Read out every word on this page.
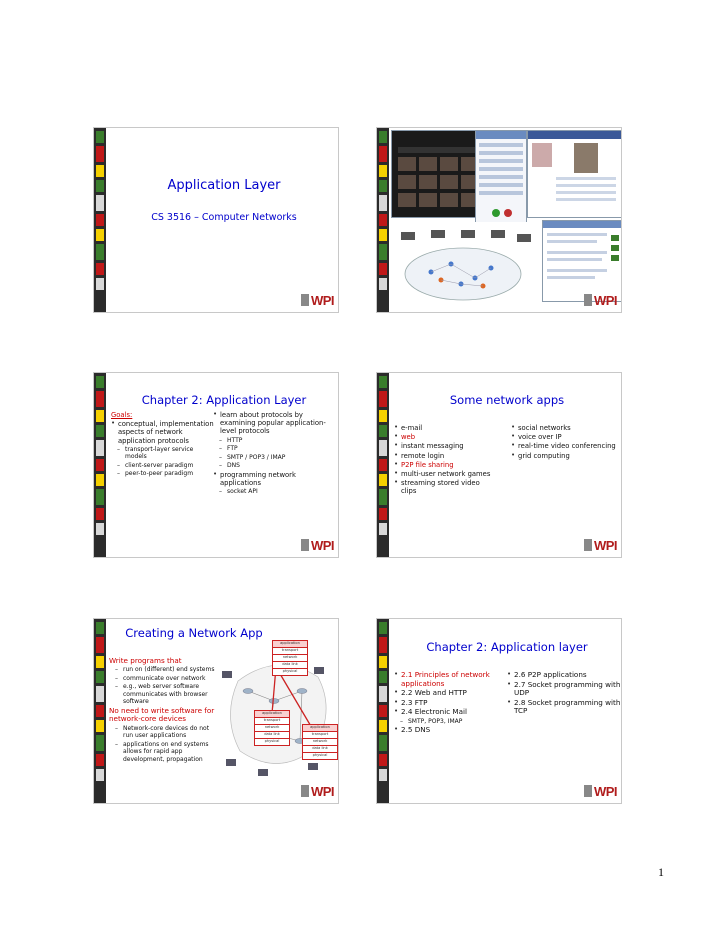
Application Layer
CS 3516 – Computer Networks
WPI	WPI
Chapter 2: Application Layer
Goals:
• conceptual, implementation aspects of network application protocols
– transport-layer service models
– client-server paradigm
– peer-to-peer paradigm
• learn about protocols by examining popular application-level protocols
– HTTP
– FTP
– SMTP / POP3 / IMAP
– DNS
• programming network applications
– socket API
WPI
Some network apps
• e-mail
• web
• instant messaging
• remote login
• P2P file sharing
• multi-user network games
• streaming stored video clips
• social networks
• voice over IP
• real-time video conferencing
• grid computing
WPI
Creating a Network App
Write programs that
– run on (different) end systems
– communicate over network
– e.g., web server software communicates with browser software
No need to write software for network-core devices
– Network-core devices do not run user applications
– applications on end systems allows for rapid app development, propagation
application
transport
network
data link
physical
application
transport
network
data link
physical
application
transport
network
data link
physical
WPI
Chapter 2: Application layer
• 2.1 Principles of network applications
• 2.2 Web and HTTP
• 2.3 FTP
• 2.4 Electronic Mail
– SMTP, POP3, IMAP
• 2.5 DNS
• 2.6 P2P applications
• 2.7 Socket programming with UDP
• 2.8 Socket programming with TCP
WPI
1
